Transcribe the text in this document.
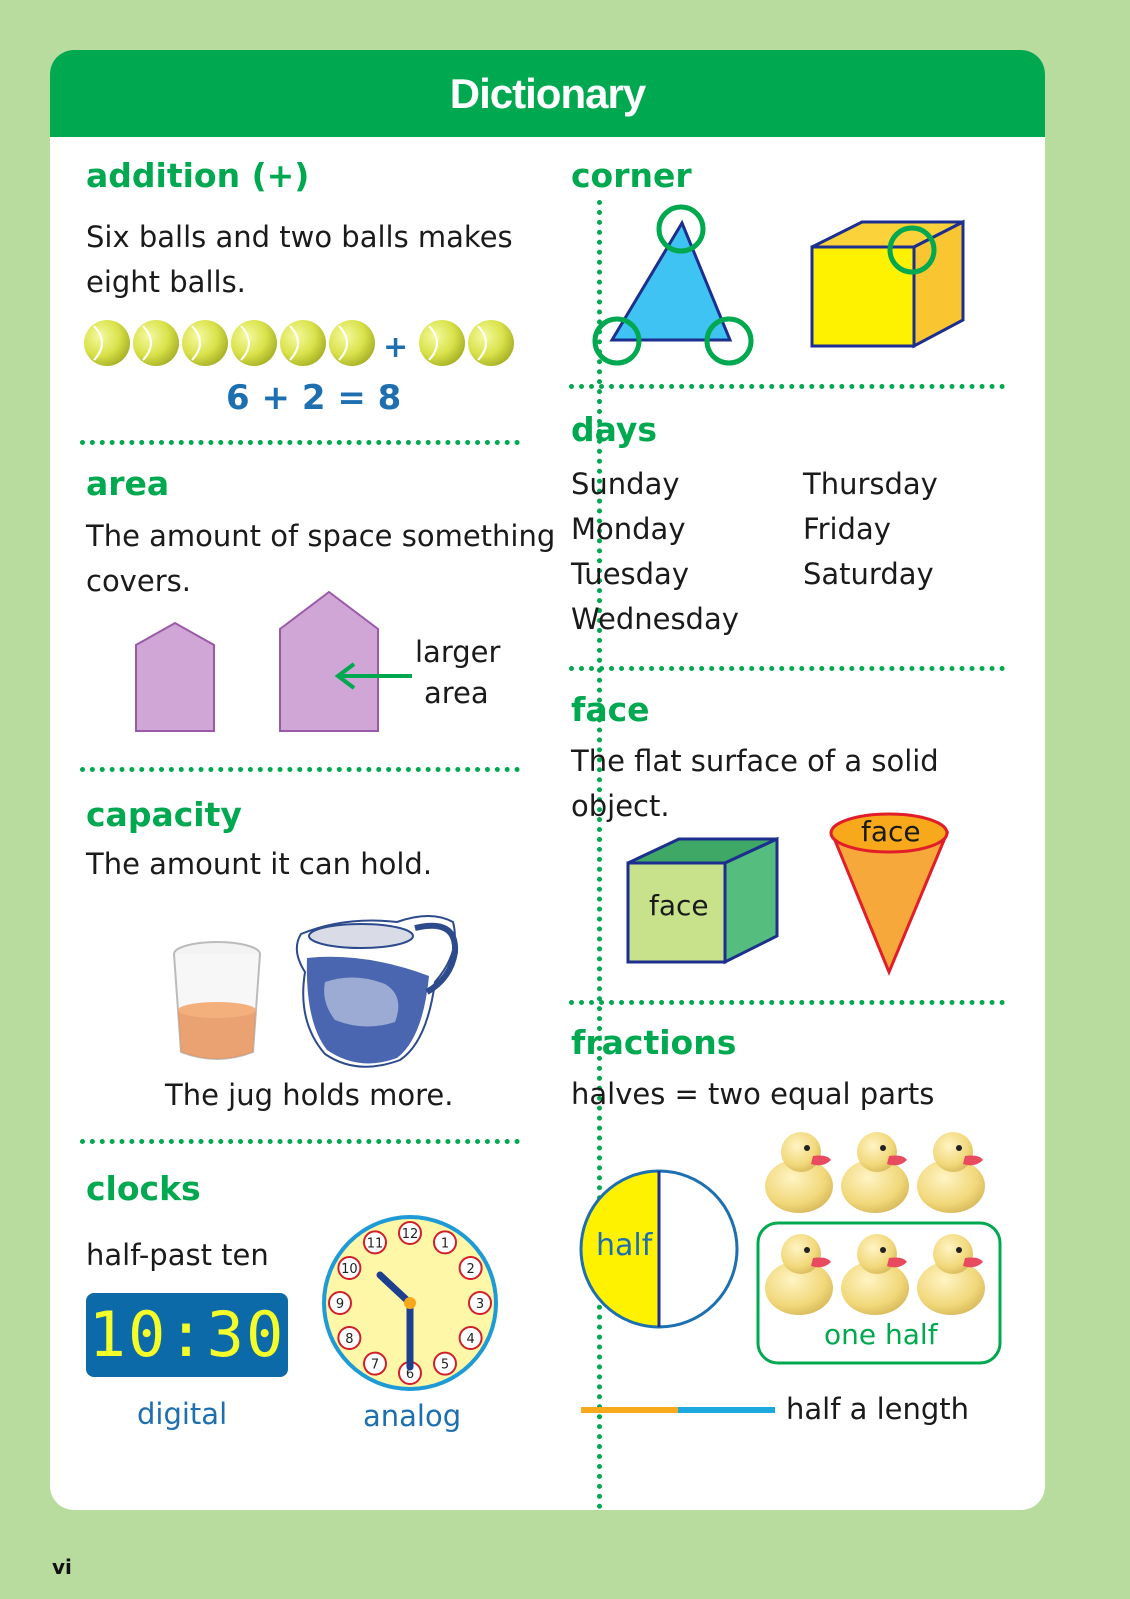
Dictionary
addition (+)
Six balls and two balls makes
eight balls.
+
6 + 2 = 8
area
The amount of space something
covers.
larger
area
capacity
The amount it can hold.
The jug holds more.
clocks
half-past ten
10:30
digital
12
1
2
3
4
5
6
7
8
9
10
11
analog
corner
days
Sunday
Monday
Tuesday
Wednesday
Thursday
Friday
Saturday
face
The flat surface of a solid
object.
face
face
fractions
halves = two equal parts
half
one half
half a length
vi
